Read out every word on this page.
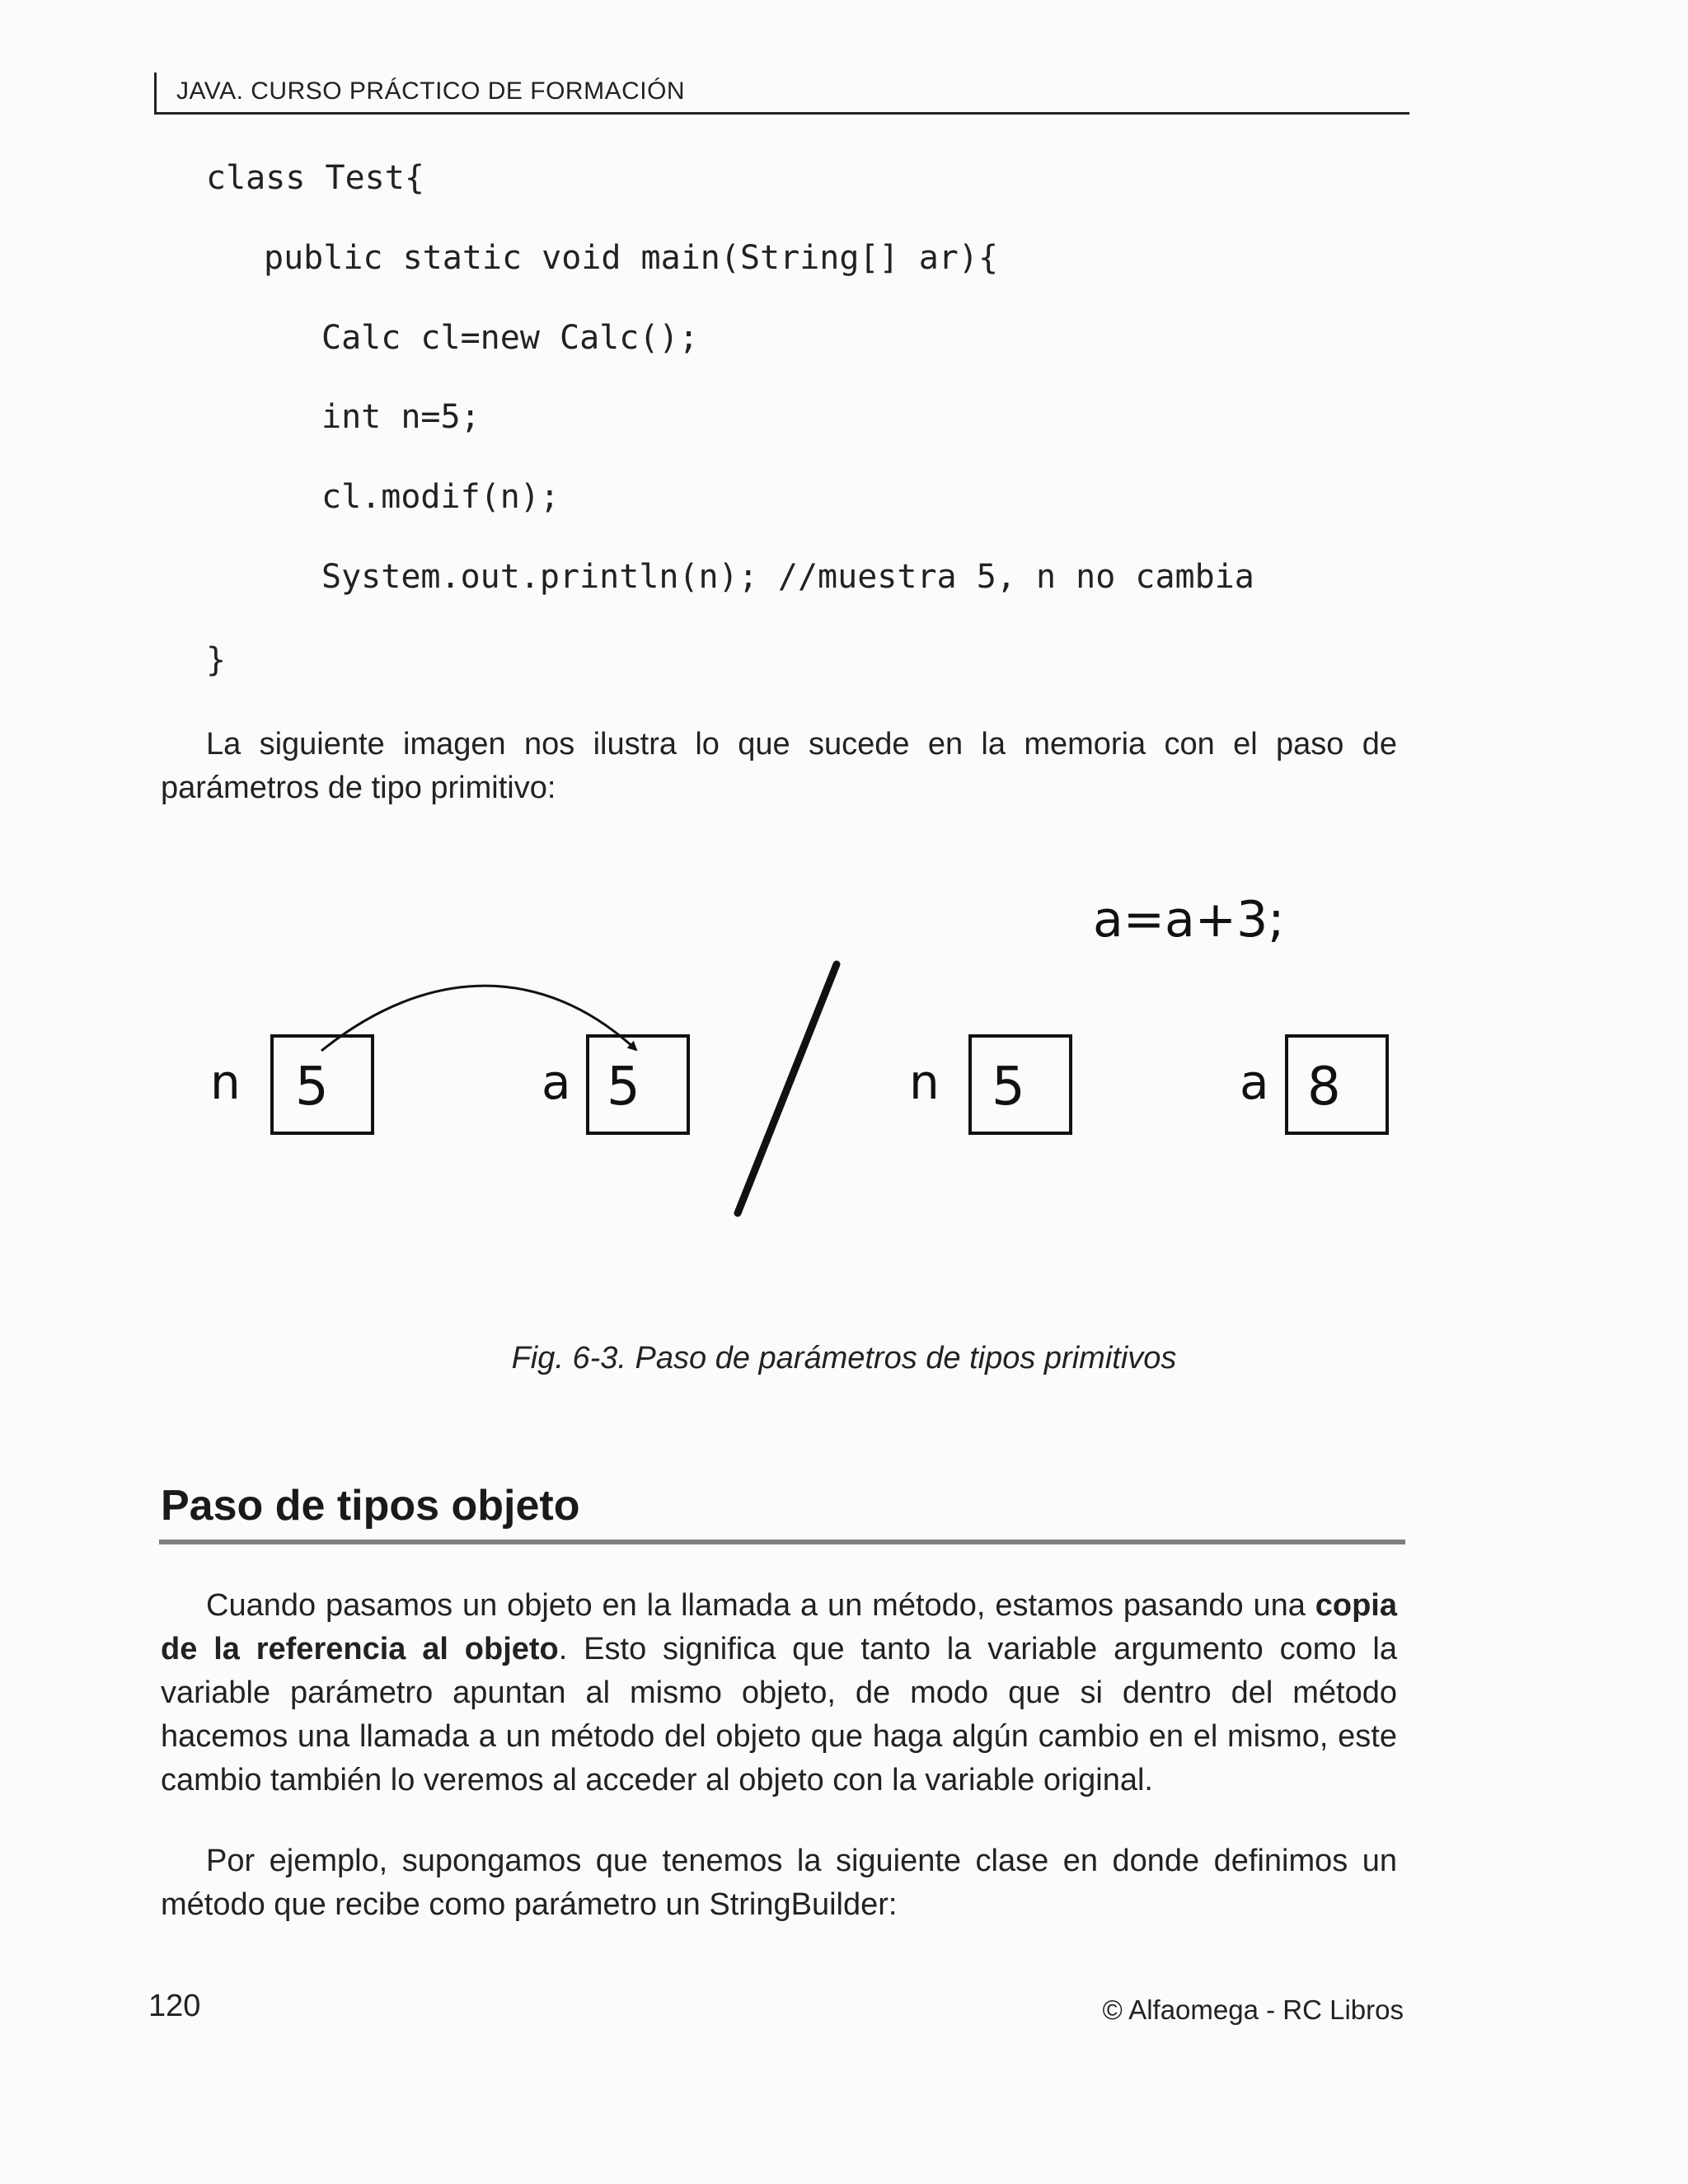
JAVA. CURSO PRÁCTICO DE FORMACIÓN
class Test{
public static void main(String[] ar){
Calc cl=new Calc();
int n=5;
cl.modif(n);
System.out.println(n); //muestra 5, n no cambia
}
La siguiente imagen nos ilustra lo que sucede en la memoria con el paso de parámetros de tipo primitivo:
n 5	a 5
a=a+3;
n 5	a 8
Fig. 6-3. Paso de parámetros de tipos primitivos
Paso de tipos objeto
Cuando pasamos un objeto en la llamada a un método, estamos pasando una copia de la referencia al objeto. Esto significa que tanto la variable argumento como la variable parámetro apuntan al mismo objeto, de modo que si dentro del método hacemos una llamada a un método del objeto que haga algún cambio en el mismo, este cambio también lo veremos al acceder al objeto con la variable original.
Por ejemplo, supongamos que tenemos la siguiente clase en donde definimos un método que recibe como parámetro un StringBuilder:
120	© Alfaomega - RC Libros
